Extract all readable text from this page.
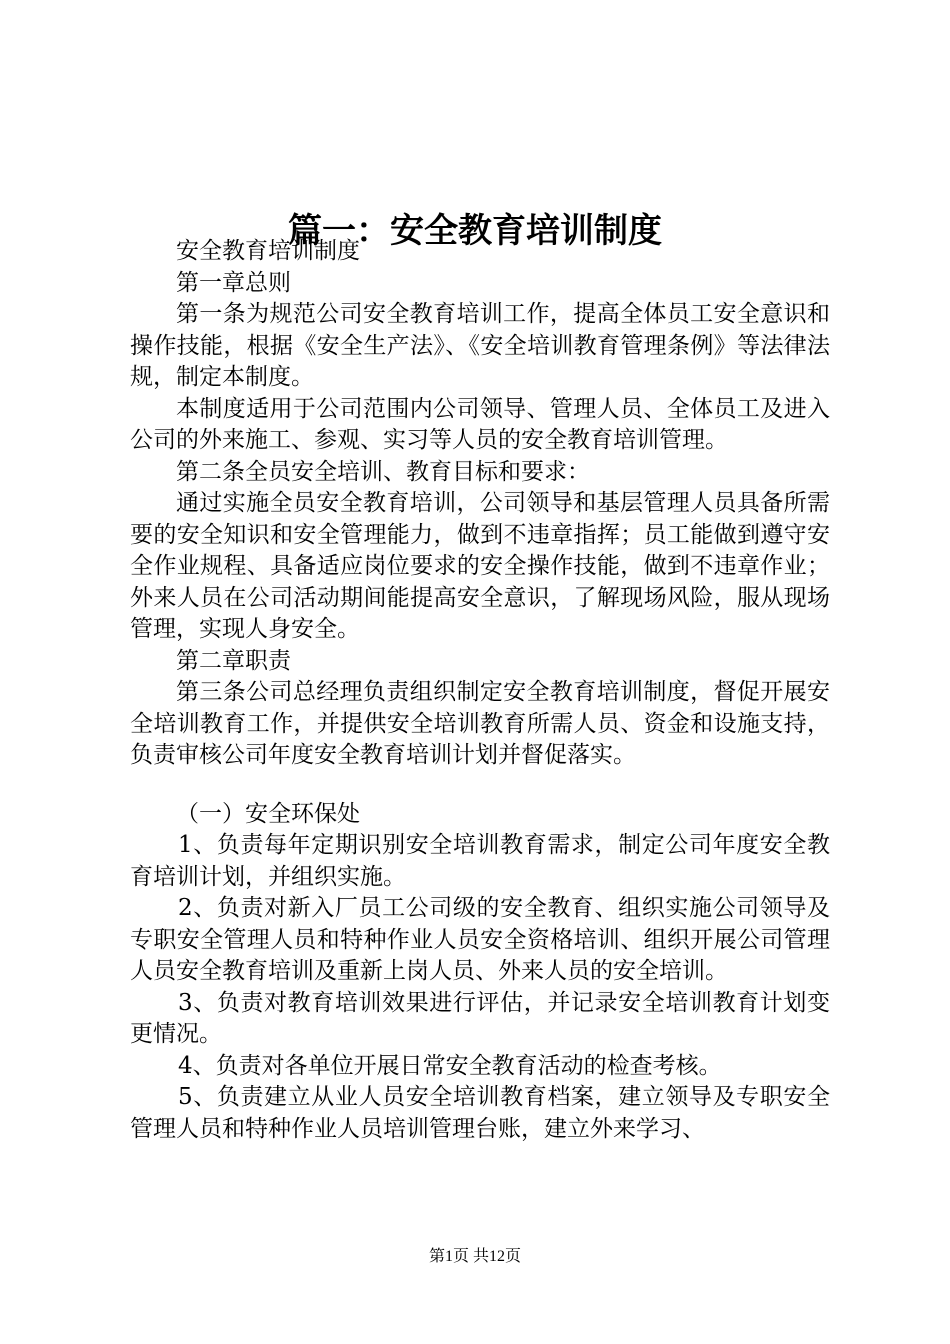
篇一：安全教育培训制度

安全教育培训制度

第一章总则

第一条为规范公司安全教育培训工作，提高全体员工安全意识和操作技能，根据《安全生产法》、《安全培训教育管理条例》等法律法规，制定本制度。

本制度适用于公司范围内公司领导、管理人员、全体员工及进入公司的外来施工、参观、实习等人员的安全教育培训管理。

第二条全员安全培训、教育目标和要求：

通过实施全员安全教育培训，公司领导和基层管理人员具备所需要的安全知识和安全管理能力，做到不违章指挥；员工能做到遵守安全作业规程、具备适应岗位要求的安全操作技能，做到不违章作业；外来人员在公司活动期间能提高安全意识，了解现场风险，服从现场管理，实现人身安全。

第二章职责

第三条公司总经理负责组织制定安全教育培训制度，督促开展安全培训教育工作，并提供安全培训教育所需人员、资金和设施支持，负责审核公司年度安全教育培训计划并督促落实。

（一）安全环保处

1、负责每年定期识别安全培训教育需求，制定公司年度安全教育培训计划，并组织实施。

2、负责对新入厂员工公司级的安全教育、组织实施公司领导及专职安全管理人员和特种作业人员安全资格培训、组织开展公司管理人员安全教育培训及重新上岗人员、外来人员的安全培训。

3、负责对教育培训效果进行评估，并记录安全培训教育计划变更情况。

4、负责对各单位开展日常安全教育活动的检查考核。

5、负责建立从业人员安全培训教育档案，建立领导及专职安全管理人员和特种作业人员培训管理台账，建立外来学习、

第1页 共12页
